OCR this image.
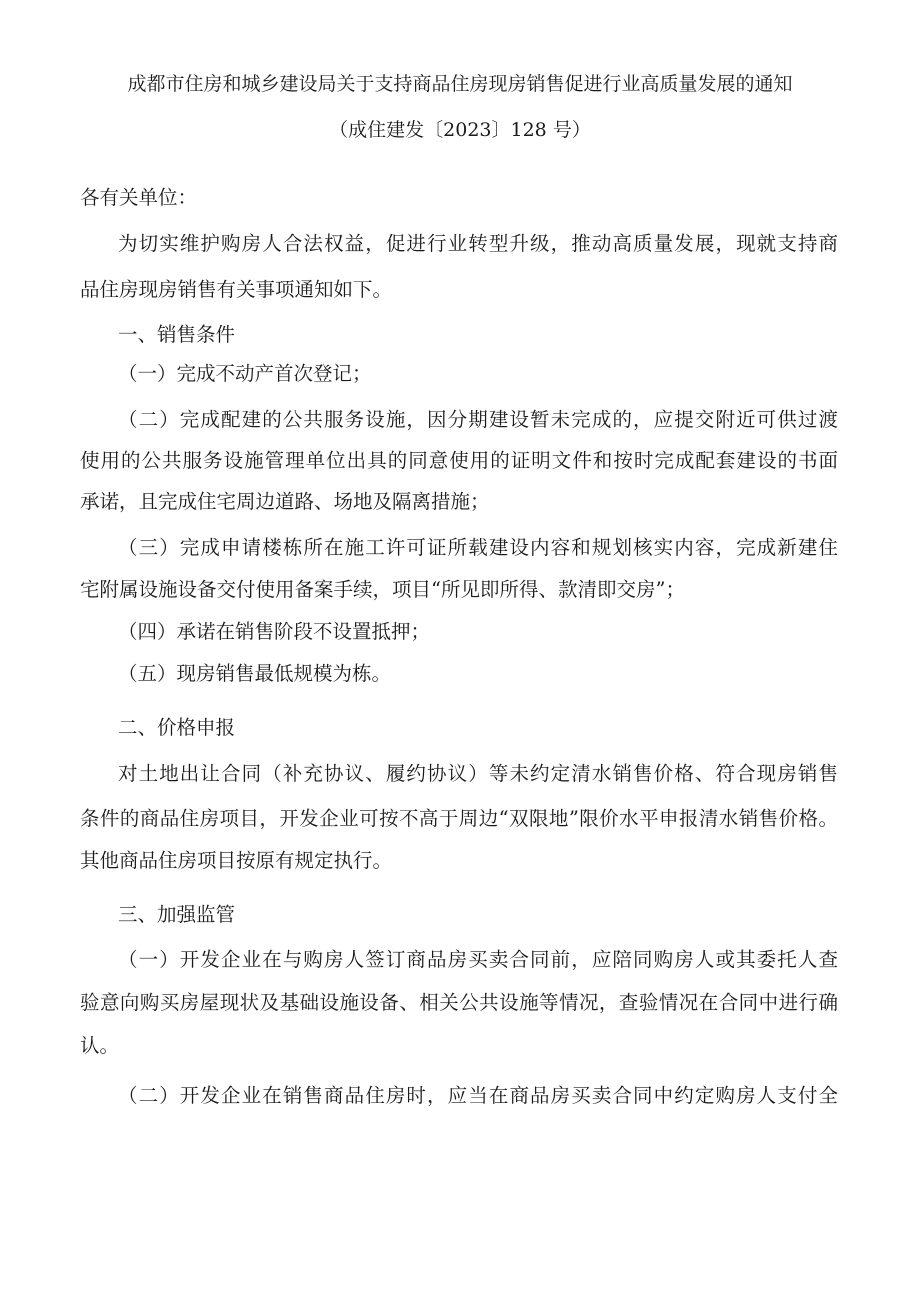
成都市住房和城乡建设局关于支持商品住房现房销售促进行业高质量发展的通知
（成住建发〔2023〕128 号）
各有关单位：
为切实维护购房人合法权益，促进行业转型升级，推动高质量发展，现就支持商
品住房现房销售有关事项通知如下。
一、销售条件
（一）完成不动产首次登记；
（二）完成配建的公共服务设施，因分期建设暂未完成的，应提交附近可供过渡
使用的公共服务设施管理单位出具的同意使用的证明文件和按时完成配套建设的书面
承诺，且完成住宅周边道路、场地及隔离措施；
（三）完成申请楼栋所在施工许可证所载建设内容和规划核实内容，完成新建住
宅附属设施设备交付使用备案手续，项目“所见即所得、款清即交房”；
（四）承诺在销售阶段不设置抵押；
（五）现房销售最低规模为栋。
二、价格申报
对土地出让合同（补充协议、履约协议）等未约定清水销售价格、符合现房销售
条件的商品住房项目，开发企业可按不高于周边“双限地”限价水平申报清水销售价格。
其他商品住房项目按原有规定执行。
三、加强监管
（一）开发企业在与购房人签订商品房买卖合同前，应陪同购房人或其委托人查
验意向购买房屋现状及基础设施设备、相关公共设施等情况，查验情况在合同中进行确
认。
（二）开发企业在销售商品住房时，应当在商品房买卖合同中约定购房人支付全
